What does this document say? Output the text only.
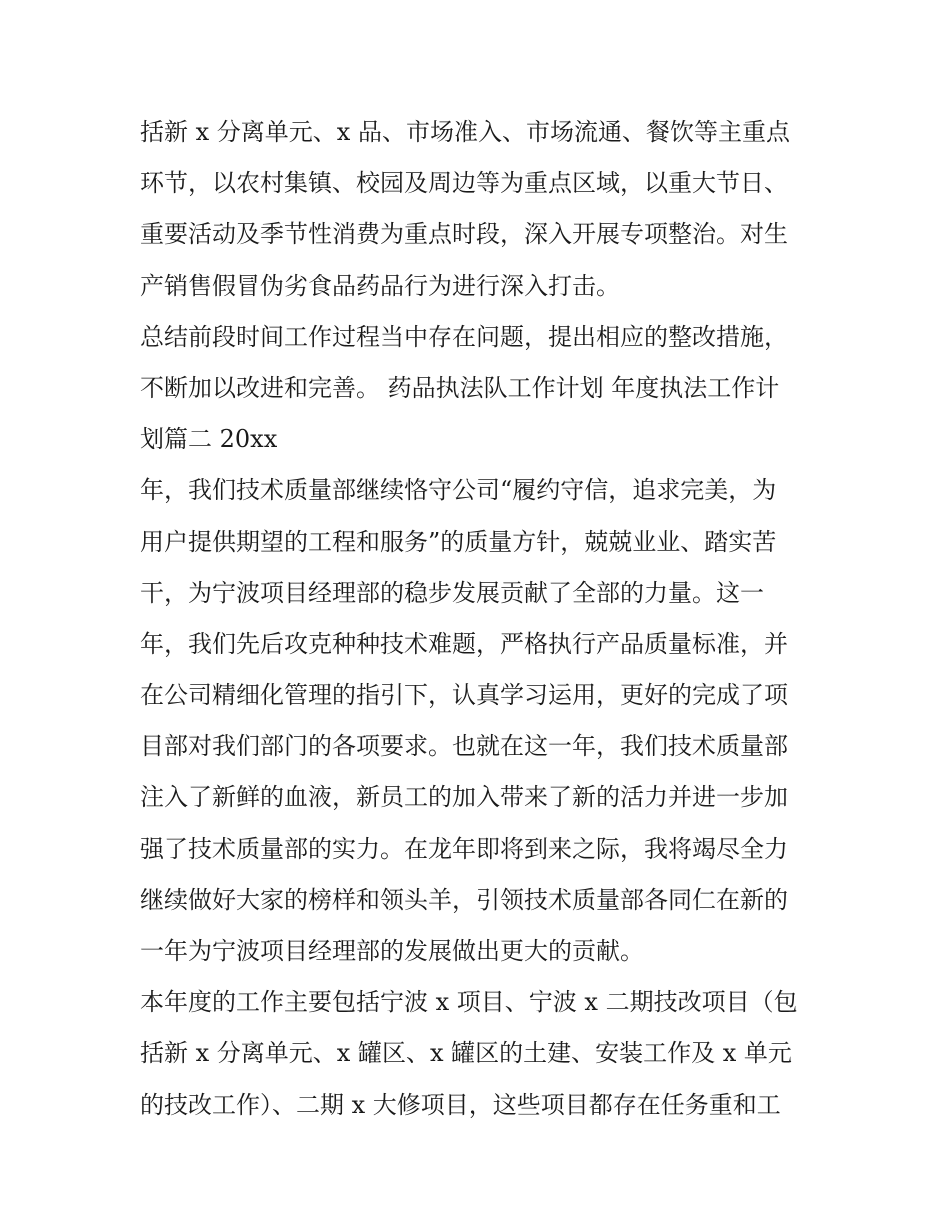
括新 x 分离单元、x 品、市场准入、市场流通、餐饮等主重点
环节，以农村集镇、校园及周边等为重点区域，以重大节日、
重要活动及季节性消费为重点时段，深入开展专项整治。对生
产销售假冒伪劣食品药品行为进行深入打击。
总结前段时间工作过程当中存在问题，提出相应的整改措施，
不断加以改进和完善。 药品执法队工作计划 年度执法工作计
划篇二 20xx
年，我们技术质量部继续恪守公司“履约守信，追求完美，为
用户提供期望的工程和服务”的质量方针，兢兢业业、踏实苦
干，为宁波项目经理部的稳步发展贡献了全部的力量。这一
年，我们先后攻克种种技术难题，严格执行产品质量标准，并
在公司精细化管理的指引下，认真学习运用，更好的完成了项
目部对我们部门的各项要求。也就在这一年，我们技术质量部
注入了新鲜的血液，新员工的加入带来了新的活力并进一步加
强了技术质量部的实力。在龙年即将到来之际，我将竭尽全力
继续做好大家的榜样和领头羊，引领技术质量部各同仁在新的
一年为宁波项目经理部的发展做出更大的贡献。
本年度的工作主要包括宁波 x 项目、宁波 x 二期技改项目（包
括新 x 分离单元、x 罐区、x 罐区的土建、安装工作及 x 单元
的技改工作）、二期 x 大修项目，这些项目都存在任务重和工
